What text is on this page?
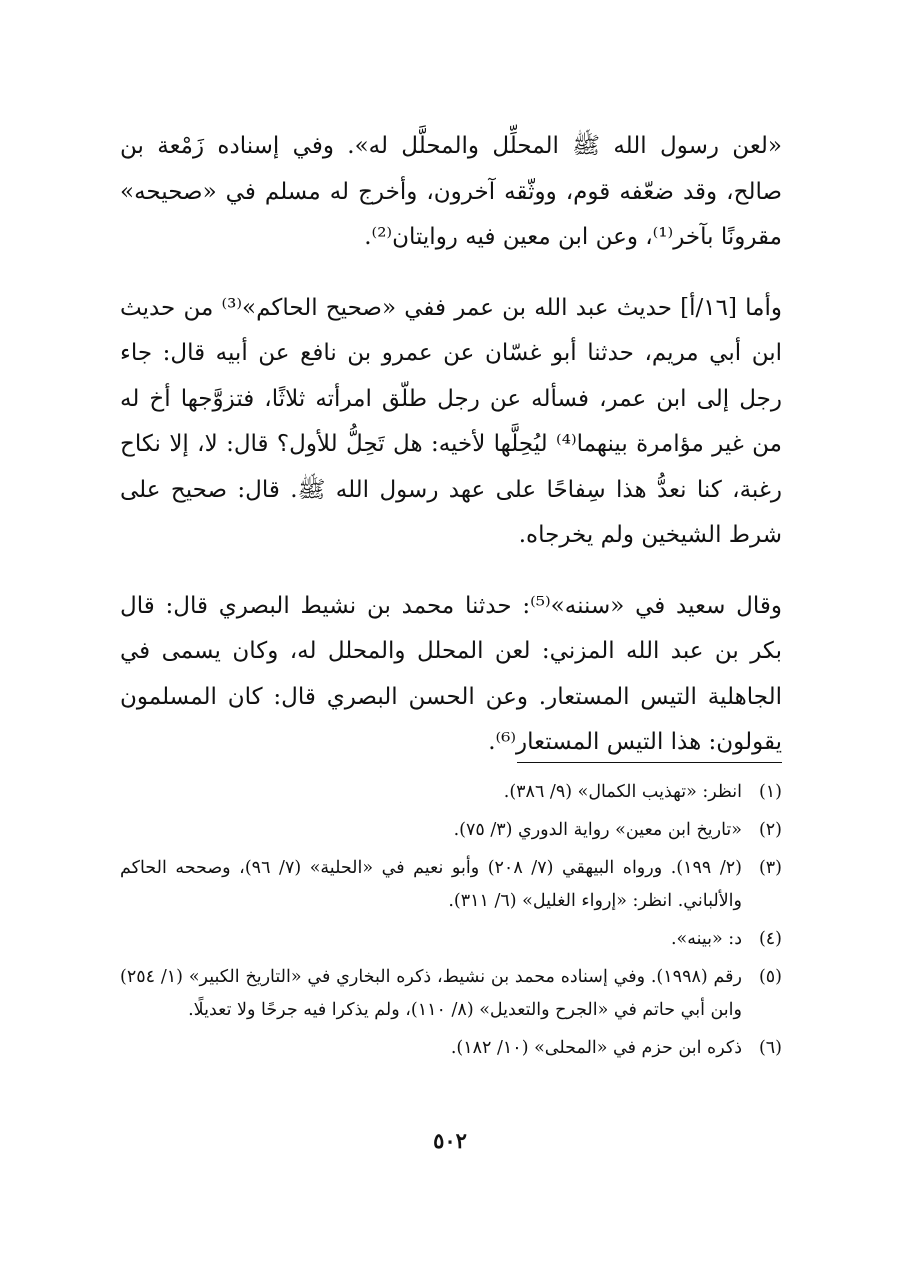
«لعن رسول الله ﷺ المحلِّل والمحلَّل له». وفي إسناده زَمْعة بن صالح، وقد ضعّفه قوم، ووثّقه آخرون، وأخرج له مسلم في «صحيحه» مقرونًا بآخر⁽¹⁾، وعن ابن معين فيه روايتان⁽²⁾.

وأما [١٦/أ] حديث عبد الله بن عمر ففي «صحيح الحاكم»⁽³⁾ من حديث ابن أبي مريم، حدثنا أبو غسّان عن عمرو بن نافع عن أبيه قال: جاء رجل إلى ابن عمر، فسأله عن رجل طلّق امرأته ثلاثًا، فتزوَّجها أخ له من غير مؤامرة بينهما⁽⁴⁾ ليُحِلَّها لأخيه: هل تَحِلُّ للأول؟ قال: لا، إلا نكاح رغبة، كنا نعدُّ هذا سِفاحًا على عهد رسول الله ﷺ. قال: صحيح على شرط الشيخين ولم يخرجاه.

وقال سعيد في «سننه»⁽⁵⁾: حدثنا محمد بن نشيط البصري قال: قال بكر بن عبد الله المزني: لعن المحلل والمحلل له، وكان يسمى في الجاهلية التيس المستعار. وعن الحسن البصري قال: كان المسلمون يقولون: هذا التيس المستعار⁽⁶⁾.

(١)
انظر: «تهذيب الكمال» (٩/ ٣٨٦).
(٢)
«تاريخ ابن معين» رواية الدوري (٣/ ٧٥).
(٣)
(٢/ ١٩٩). ورواه البيهقي (٧/ ٢٠٨) وأبو نعيم في «الحلية» (٧/ ٩٦)، وصححه الحاكم والألباني. انظر: «إرواء الغليل» (٦/ ٣١١).
(٤)
د: «بينه».
(٥)
رقم (١٩٩٨). وفي إسناده محمد بن نشيط، ذكره البخاري في «التاريخ الكبير» (١/ ٢٥٤) وابن أبي حاتم في «الجرح والتعديل» (٨/ ١١٠)، ولم يذكرا فيه جرحًا ولا تعديلًا.
(٦)
ذكره ابن حزم في «المحلى» (١٠/ ١٨٢).
٥٠٢
